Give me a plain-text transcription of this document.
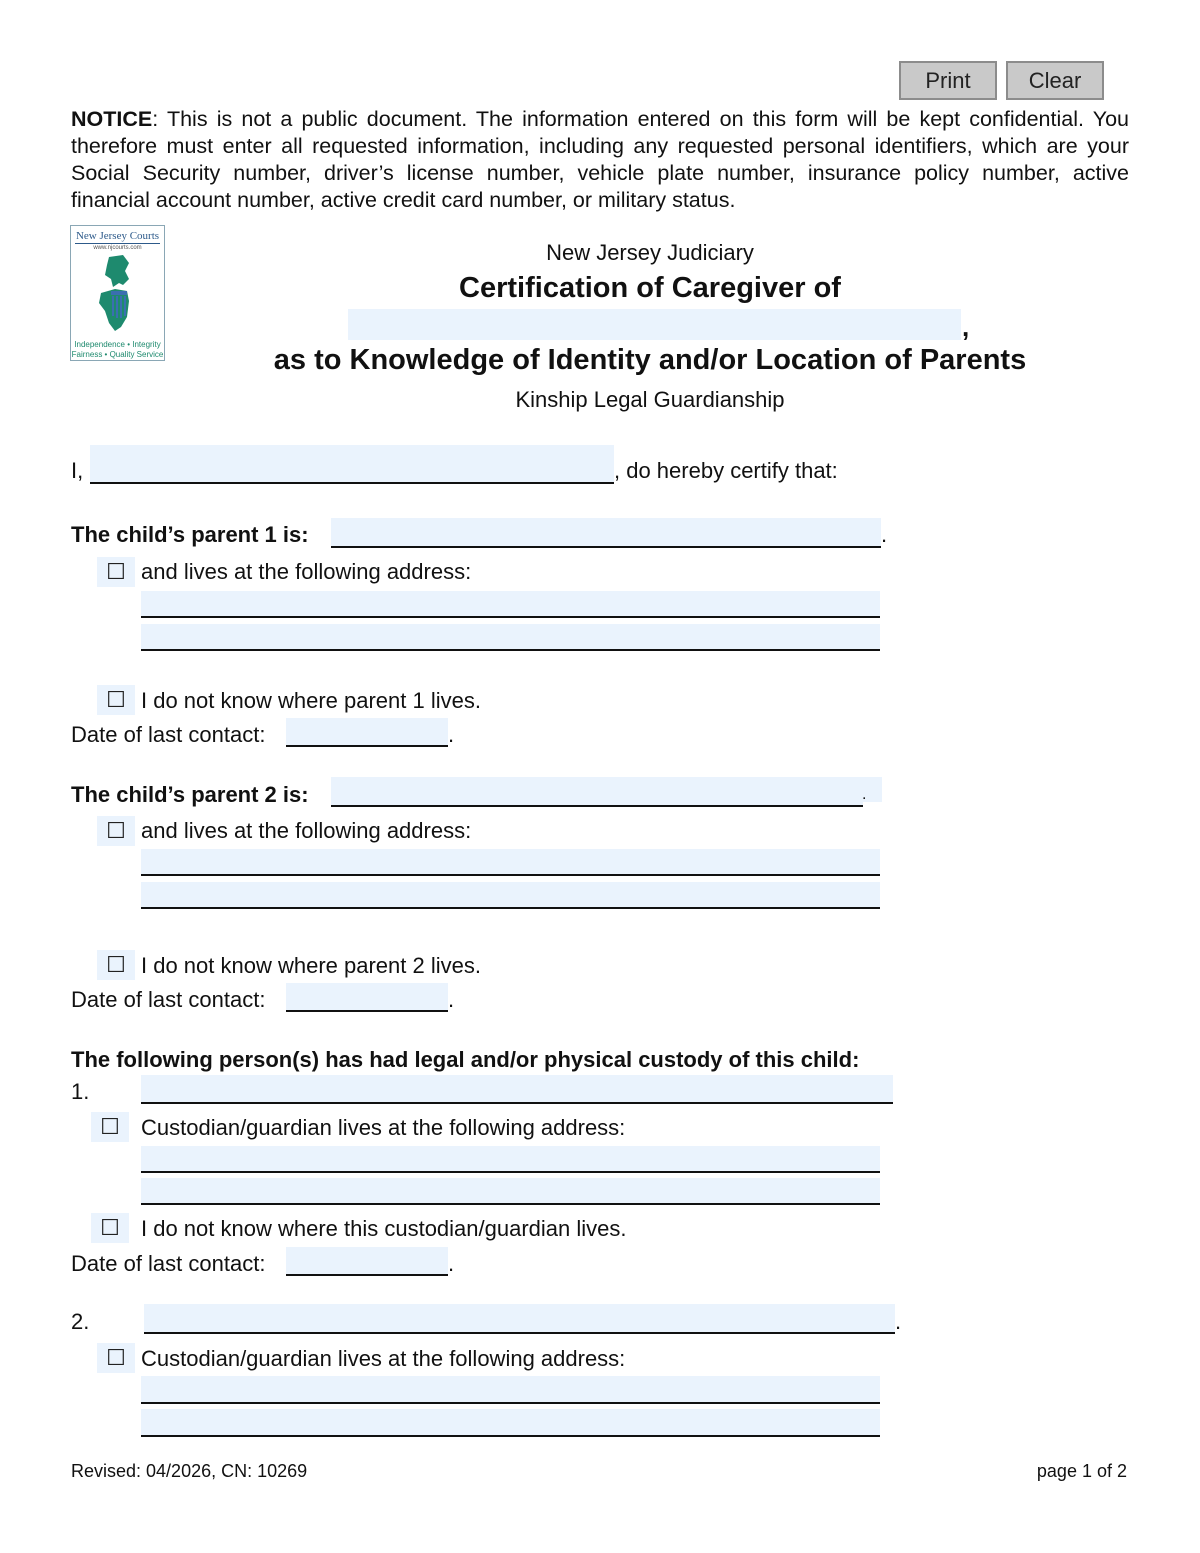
Print	Clear
NOTICE: This is not a public document. The information entered on this form will be kept confidential. You therefore must enter all requested information, including any requested personal identifiers, which are your Social Security number, driver’s license number, vehicle plate number, insurance policy number, active financial account number, active credit card number, or military status.
New Jersey Courts
www.njcourts.com
Independence • Integrity
Fairness • Quality Service
New Jersey Judiciary
Certification of Caregiver of
,
as to Knowledge of Identity and/or Location of Parents
Kinship Legal Guardianship
I,	, do hereby certify that:
The child’s parent 1 is:	.
☐ and lives at the following address:
☐ I do not know where parent 1 lives.
Date of last contact:	.
The child’s parent 2 is:	.
☐ and lives at the following address:
☐ I do not know where parent 2 lives.
Date of last contact:	.
The following person(s) has had legal and/or physical custody of this child:
1.
☐ Custodian/guardian lives at the following address:
☐ I do not know where this custodian/guardian lives.
Date of last contact:	.
2.	.
☐ Custodian/guardian lives at the following address:
Revised: 04/2026, CN: 10269	page 1 of 2
